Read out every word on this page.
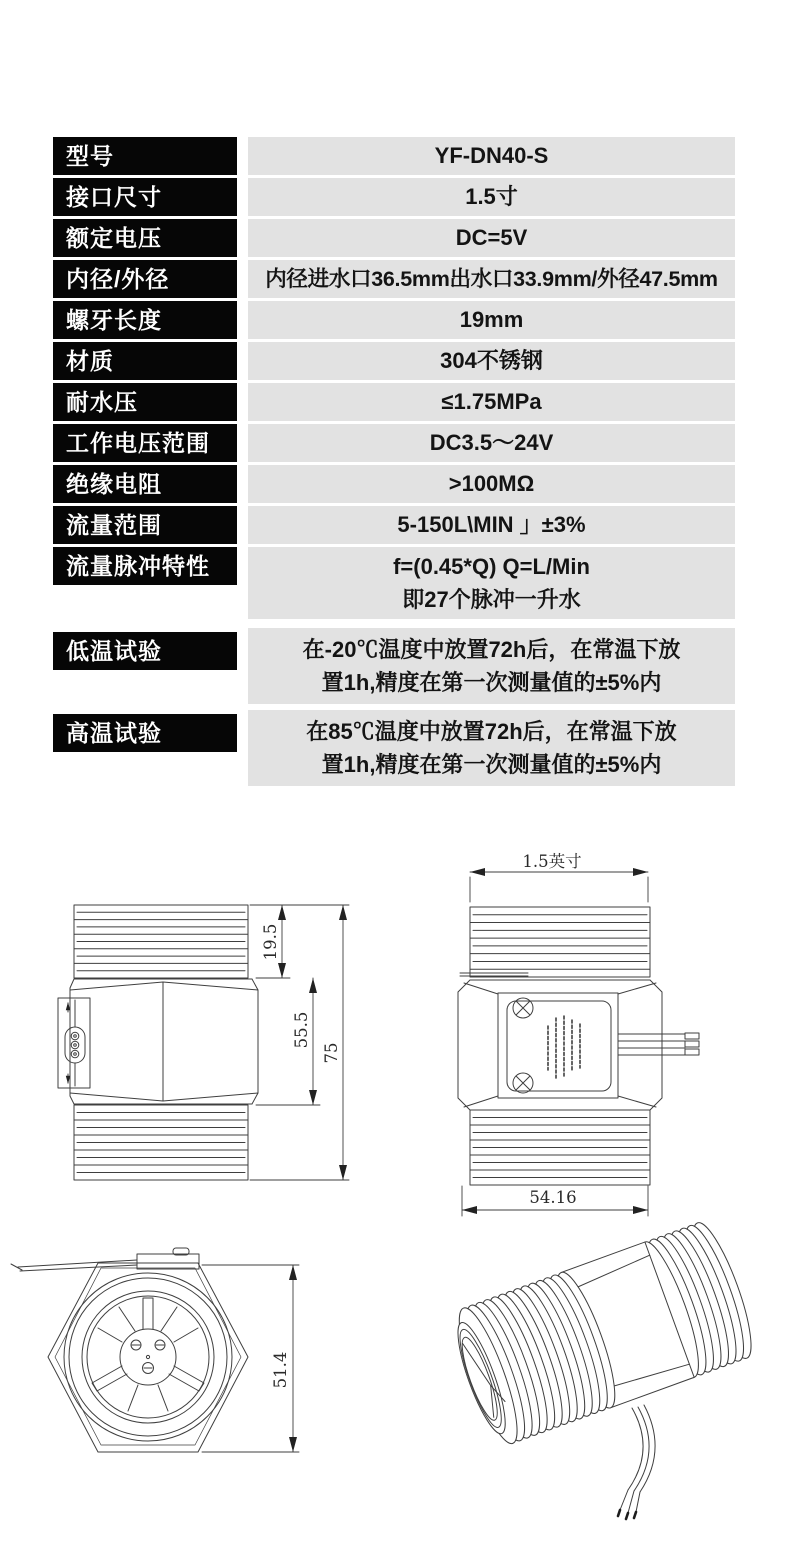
型号	YF-DN40-S
接口尺寸	1.5寸
额定电压	DC=5V
内径/外径	内径进水口36.5mm出水口33.9mm/外径47.5mm
螺牙长度	19mm
材质	304不锈钢
耐水压	≤1.75MPa
工作电压范围	DC3.5～24V
绝缘电阻	>100MΩ
流量范围	5-150L\MIN 」±3%
流量脉冲特性	f=(0.45*Q) Q=L/Min
即27个脉冲一升水
低温试验	在-20℃温度中放置72h后，在常温下放
置1h,精度在第一次测量值的±5%内
高温试验	在85℃温度中放置72h后，在常温下放
置1h,精度在第一次测量值的±5%内
19.5
55.5
75
1.5英寸
54.16
51.4
